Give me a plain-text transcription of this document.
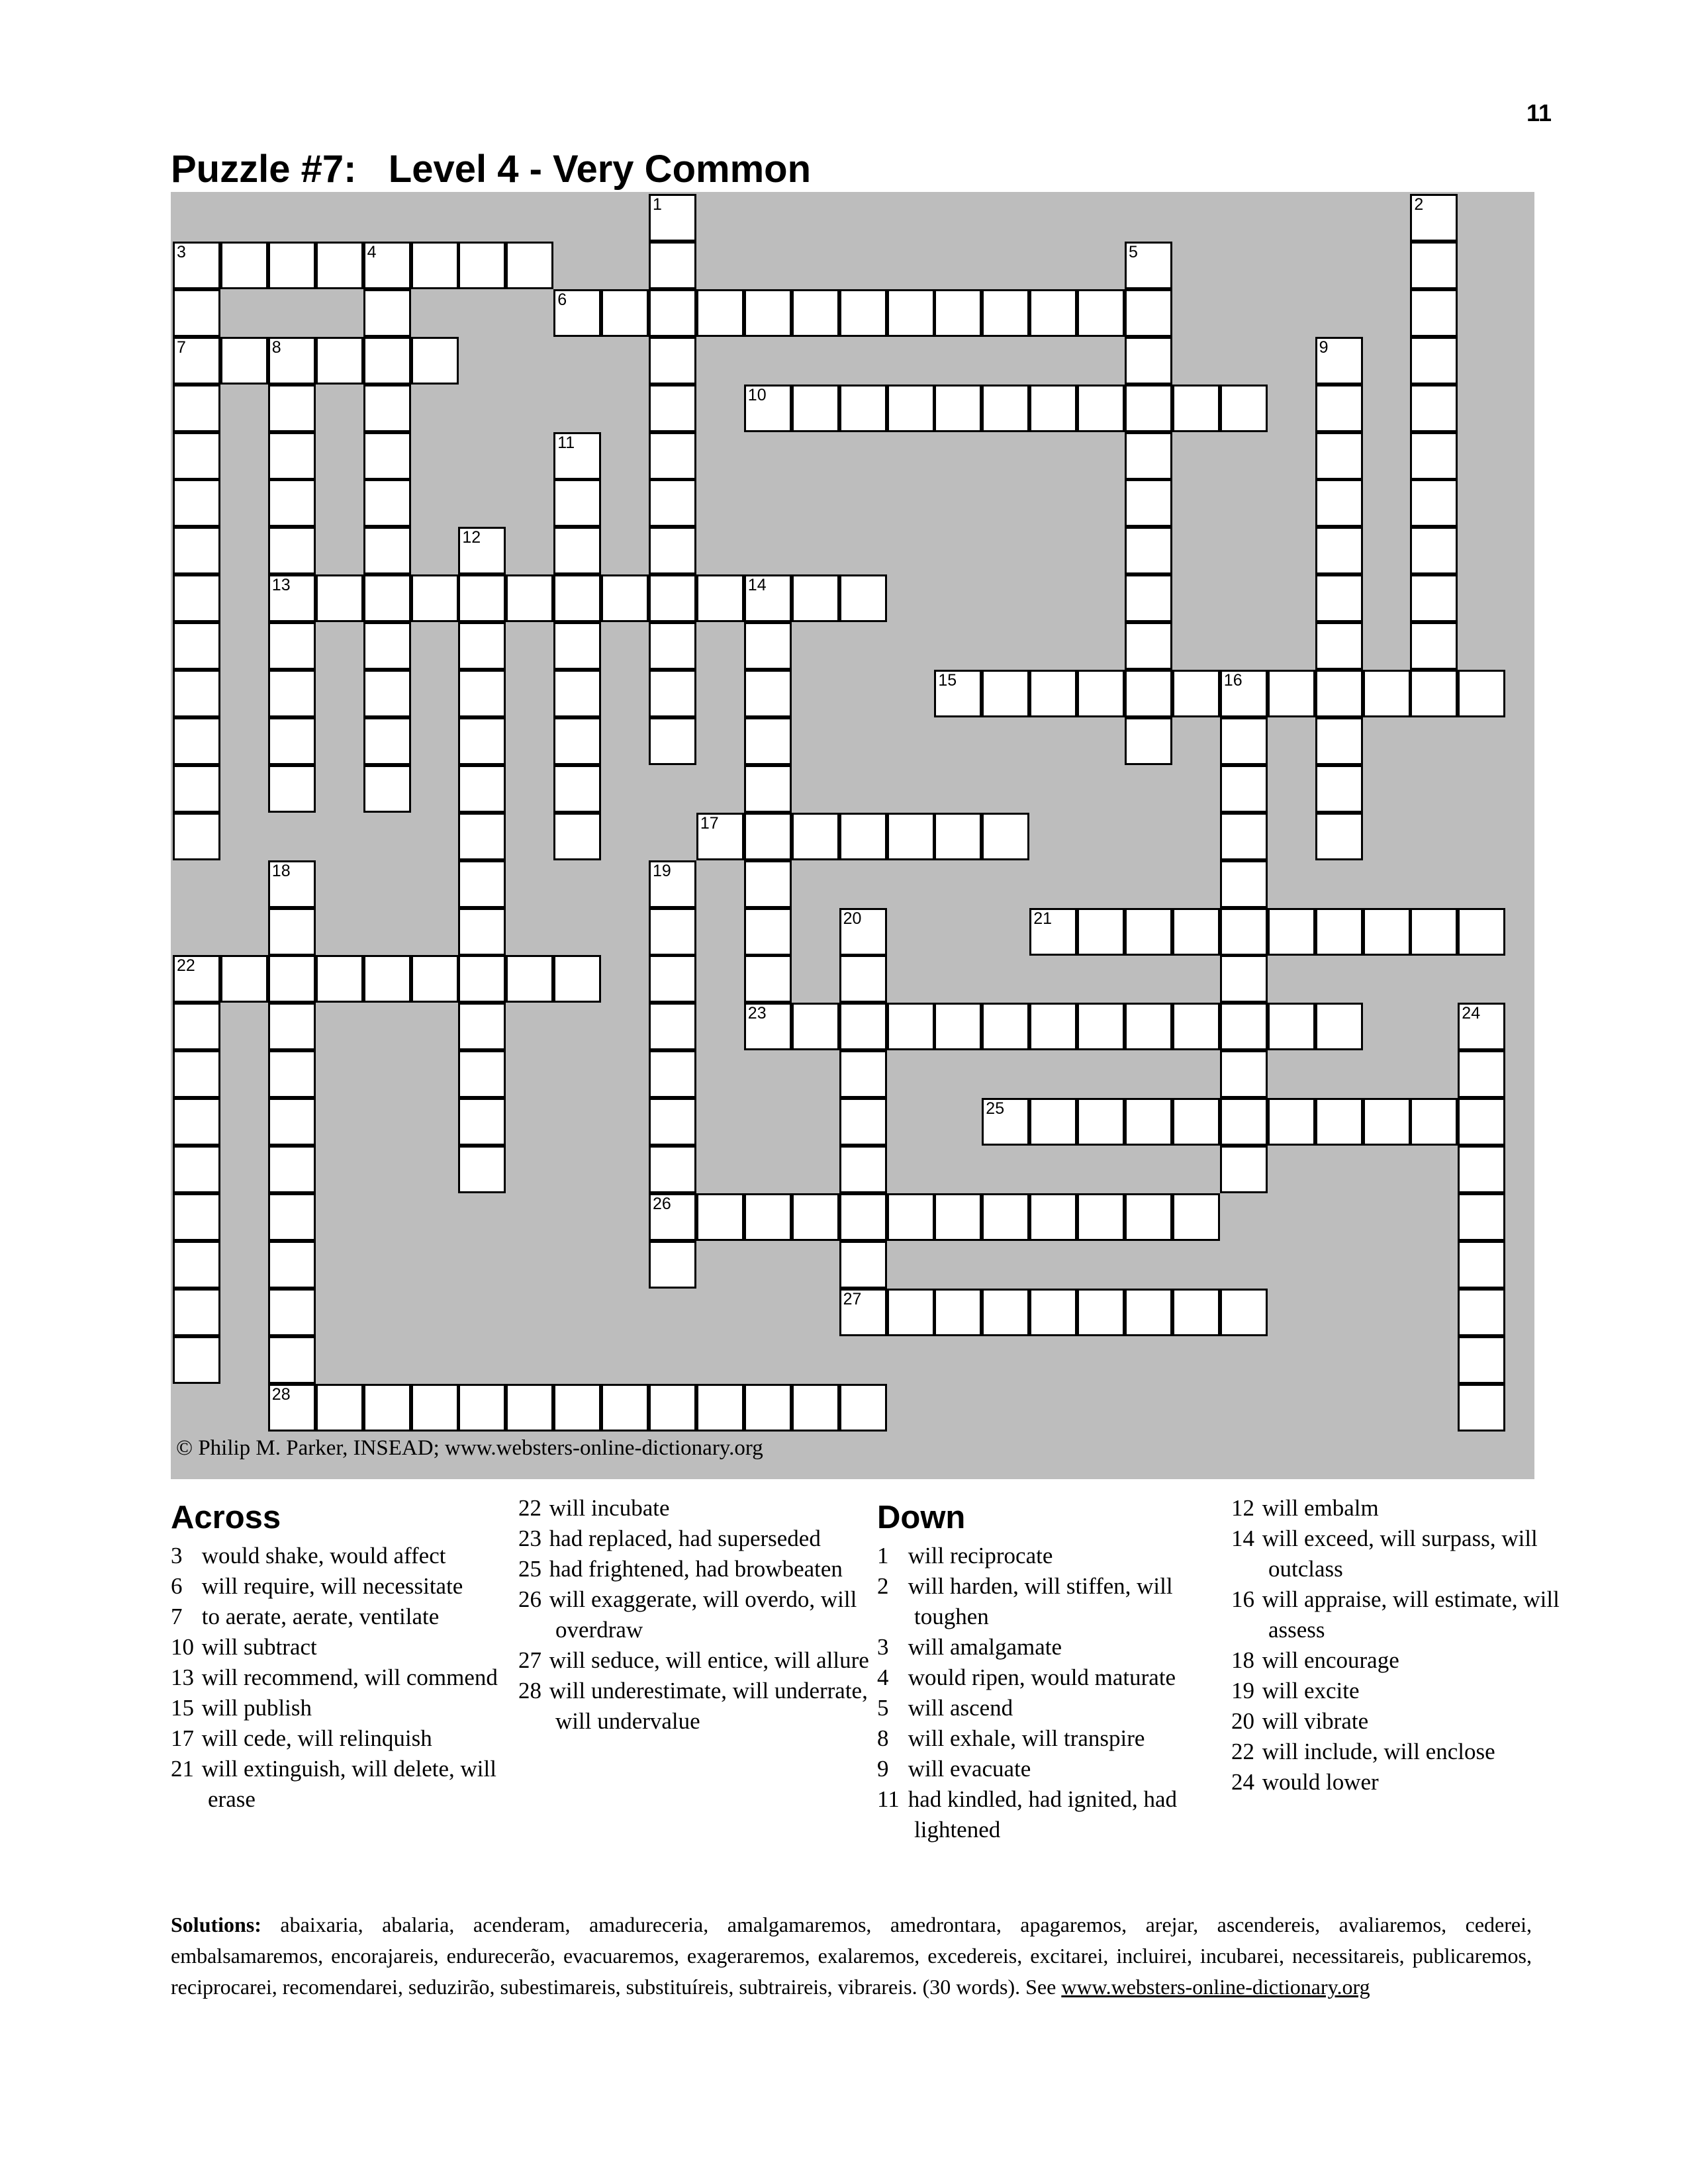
11
Puzzle #7:   Level 4 - Very Common
© Philip M. Parker, INSEAD; www.websters-online-dictionary.org
3	4
6
7	8
10
13	14
15	16
17
21
22
23
25
26
27
28
1	2
5
9
11
12
18	19
20
24
Across
3 would shake, would affect
6 will require, will necessitate
7 to aerate, aerate, ventilate
10 will subtract
13 will recommend, will commend
15 will publish
17 will cede, will relinquish
21 will extinguish, will delete, will erase
22 will incubate
23 had replaced, had superseded
25 had frightened, had browbeaten
26 will exaggerate, will overdo, will overdraw
27 will seduce, will entice, will allure
28 will underestimate, will underrate, will undervalue
Down
1 will reciprocate
2 will harden, will stiffen, will toughen
3 will amalgamate
4 would ripen, would maturate
5 will ascend
8 will exhale, will transpire
9 will evacuate
11 had kindled, had ignited, had lightened
12 will embalm
14 will exceed, will surpass, will outclass
16 will appraise, will estimate, will assess
18 will encourage
19 will excite
20 will vibrate
22 will include, will enclose
24 would lower
Solutions: abaixaria, abalaria, acenderam, amadureceria, amalgamaremos, amedrontara, apagaremos, arejar, ascendereis, avaliaremos, cederei, embalsamaremos, encorajareis, endurecerão, evacuaremos, exageraremos, exalaremos, excedereis, excitarei, incluirei, incubarei, necessitareis, publicaremos, reciprocarei, recomendarei, seduzirão, subestimareis, substituíreis, subtraireis, vibrareis. (30 words). See www.websters-online-dictionary.org
